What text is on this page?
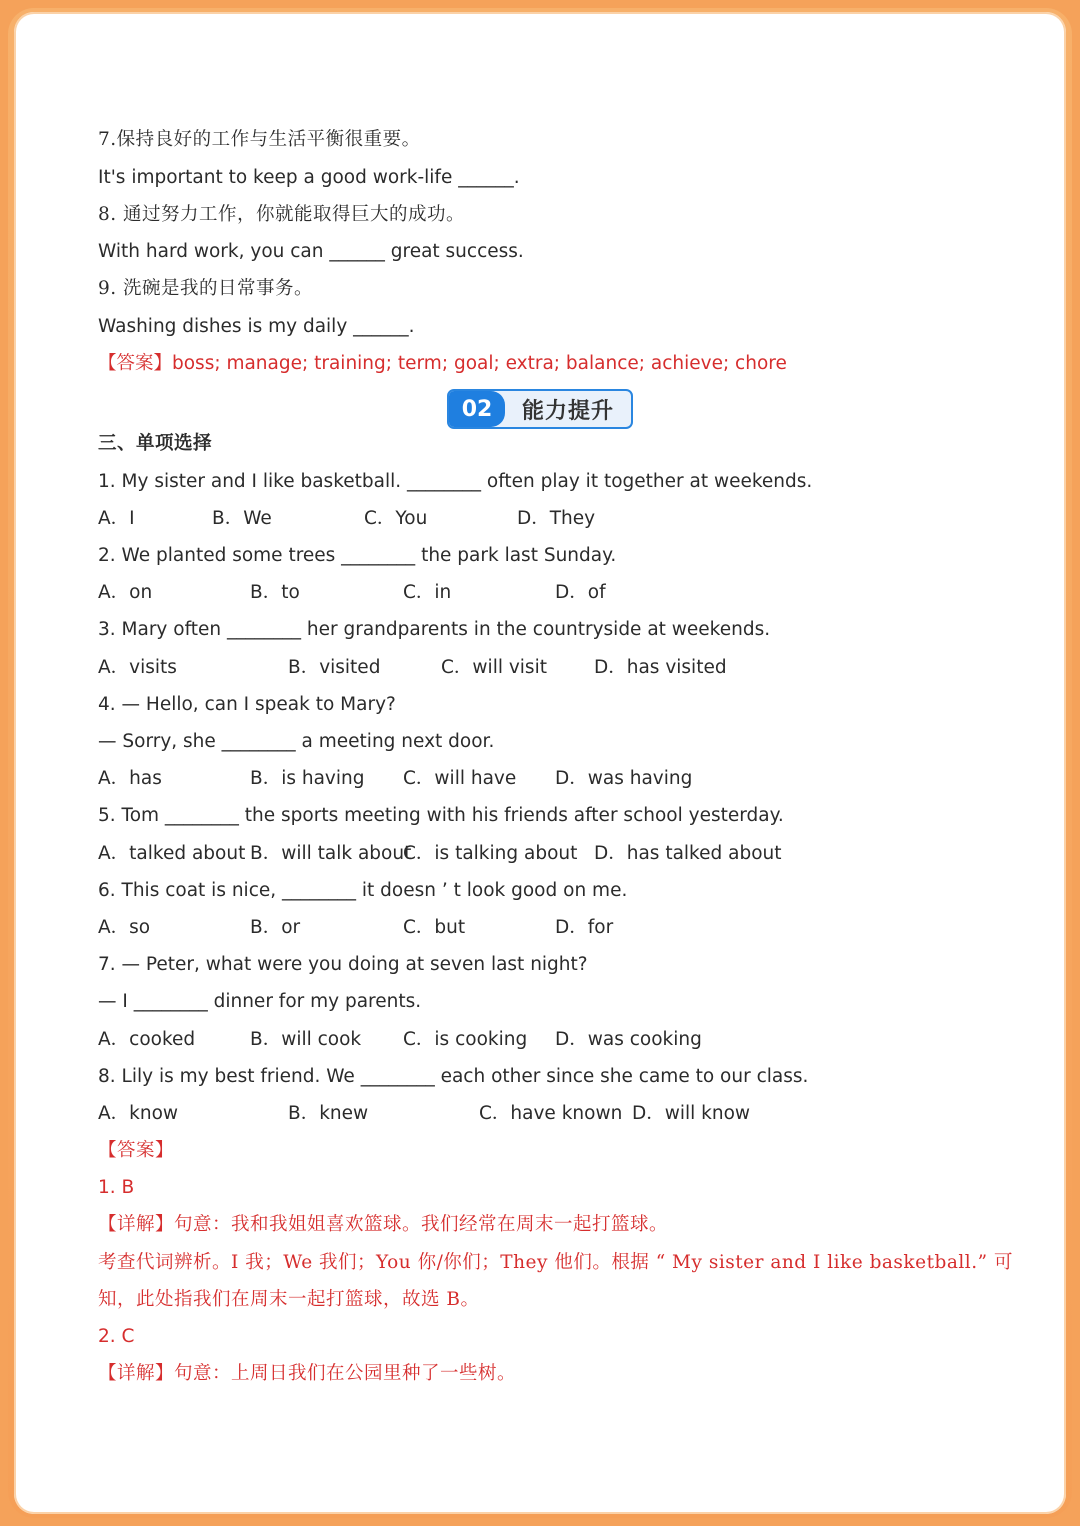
7.保持良好的工作与生活平衡很重要。

It's important to keep a good work-life ______.

8. 通过努力工作，你就能取得巨大的成功。

With hard work, you can ______ great success.

9. 洗碗是我的日常事务。

Washing dishes is my daily ______.

【答案】boss; manage; training; term; goal; extra; balance; achieve; chore

02	能力提升

三、单项选择

1. My sister and I like basketball. ________ often play it together at weekends.

A．I	B．We	C．You	D．They

2. We planted some trees ________ the park last Sunday.

A．on	B．to	C．in	D．of

3. Mary often ________ her grandparents in the countryside at weekends.

A．visits	B．visited	C．will visit	D．has visited

4. — Hello, can I speak to Mary?

— Sorry, she ________ a meeting next door.

A．has	B．is having C．will have D．was having

5. Tom ________ the sports meeting with his friends after school yesterday.

A．talked about B．will talk about
C．is talking about D．has talked about

6. This coat is nice, ________ it doesn ’ t look good on me.

A．so	B．or	C．but	D．for

7. — Peter, what were you doing at seven last night?

— I ________ dinner for my parents.

A．cooked	B．will cook C．is cooking D．was cooking

8. Lily is my best friend. We ________ each other since she came to our class.

A．know	B．knew	C．have known D．will know

【答案】

1. B

【详解】句意：我和我姐姐喜欢篮球。我们经常在周末一起打篮球。

考查代词辨析。I 我；We 我们；You 你/你们；They 他们。根据 “ My sister and I like basketball.” 可

知，此处指我们在周末一起打篮球，故选 B。

2. C

【详解】句意：上周日我们在公园里种了一些树。
